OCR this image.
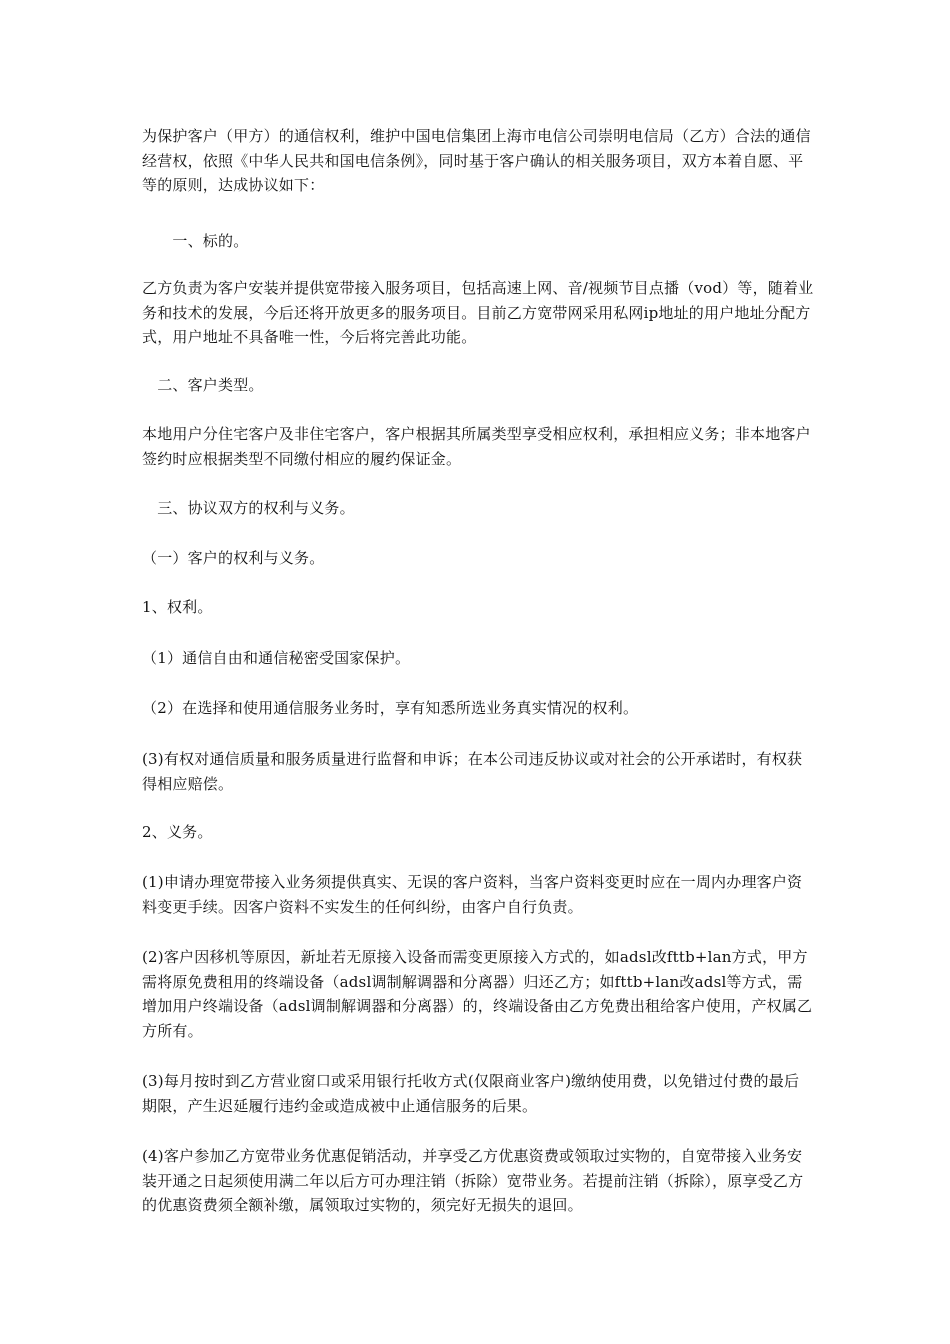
为保护客户（甲方）的通信权利，维护中国电信集团上海市电信公司崇明电信局（乙方）合法的通信经营权，依照《中华人民共和国电信条例》，同时基于客户确认的相关服务项目，双方本着自愿、平等的原则，达成协议如下：

　　一、标的。

乙方负责为客户安装并提供宽带接入服务项目，包括高速上网、音/视频节目点播（vod）等，随着业务和技术的发展，今后还将开放更多的服务项目。目前乙方宽带网采用私网ip地址的用户地址分配方式，用户地址不具备唯一性，今后将完善此功能。

　二、客户类型。

本地用户分住宅客户及非住宅客户，客户根据其所属类型享受相应权利，承担相应义务；非本地客户签约时应根据类型不同缴付相应的履约保证金。

　三、协议双方的权利与义务。

（一）客户的权利与义务。

1、权利。

（1）通信自由和通信秘密受国家保护。

（2）在选择和使用通信服务业务时，享有知悉所选业务真实情况的权利。

(3)有权对通信质量和服务质量进行监督和申诉；在本公司违反协议或对社会的公开承诺时，有权获得相应赔偿。

2、义务。

(1)申请办理宽带接入业务须提供真实、无误的客户资料，当客户资料变更时应在一周内办理客户资料变更手续。因客户资料不实发生的任何纠纷，由客户自行负责。

(2)客户因移机等原因，新址若无原接入设备而需变更原接入方式的，如adsl改fttb+lan方式，甲方需将原免费租用的终端设备（adsl调制解调器和分离器）归还乙方；如fttb+lan改adsl等方式，需增加用户终端设备（adsl调制解调器和分离器）的，终端设备由乙方免费出租给客户使用，产权属乙方所有。

(3)每月按时到乙方营业窗口或采用银行托收方式(仅限商业客户)缴纳使用费，以免错过付费的最后期限，产生迟延履行违约金或造成被中止通信服务的后果。

(4)客户参加乙方宽带业务优惠促销活动，并享受乙方优惠资费或领取过实物的，自宽带接入业务安装开通之日起须使用满二年以后方可办理注销（拆除）宽带业务。若提前注销（拆除），原享受乙方的优惠资费须全额补缴，属领取过实物的，须完好无损失的退回。
